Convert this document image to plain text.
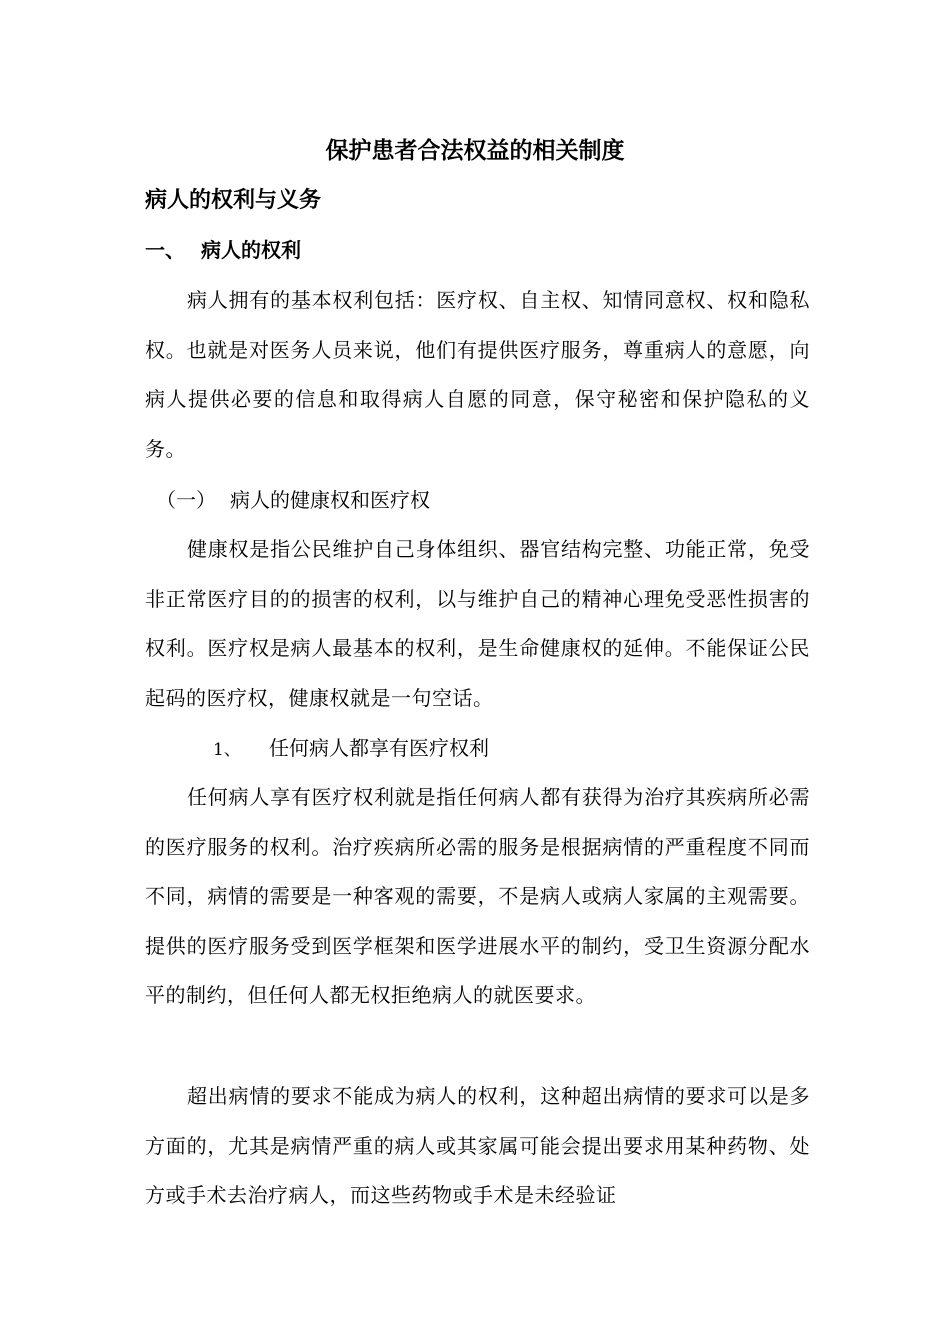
保护患者合法权益的相关制度
病人的权利与义务
一、 病人的权利

病人拥有的基本权利包括：医疗权、自主权、知情同意权、权和隐私权。也就是对医务人员来说，他们有提供医疗服务，尊重病人的意愿，向病人提供必要的信息和取得病人自愿的同意，保守秘密和保护隐私的义务。

（一） 病人的健康权和医疗权

健康权是指公民维护自己身体组织、器官结构完整、功能正常，免受非正常医疗目的的损害的权利，以与维护自己的精神心理免受恶性损害的权利。医疗权是病人最基本的权利，是生命健康权的延伸。不能保证公民起码的医疗权，健康权就是一句空话。

1、 任何病人都享有医疗权利

任何病人享有医疗权利就是指任何病人都有获得为治疗其疾病所必需的医疗服务的权利。治疗疾病所必需的服务是根据病情的严重程度不同而不同，病情的需要是一种客观的需要，不是病人或病人家属的主观需要。提供的医疗服务受到医学框架和医学进展水平的制约，受卫生资源分配水平的制约，但任何人都无权拒绝病人的就医要求。

超出病情的要求不能成为病人的权利，这种超出病情的要求可以是多方面的，尤其是病情严重的病人或其家属可能会提出要求用某种药物、处方或手术去治疗病人，而这些药物或手术是未经验证
